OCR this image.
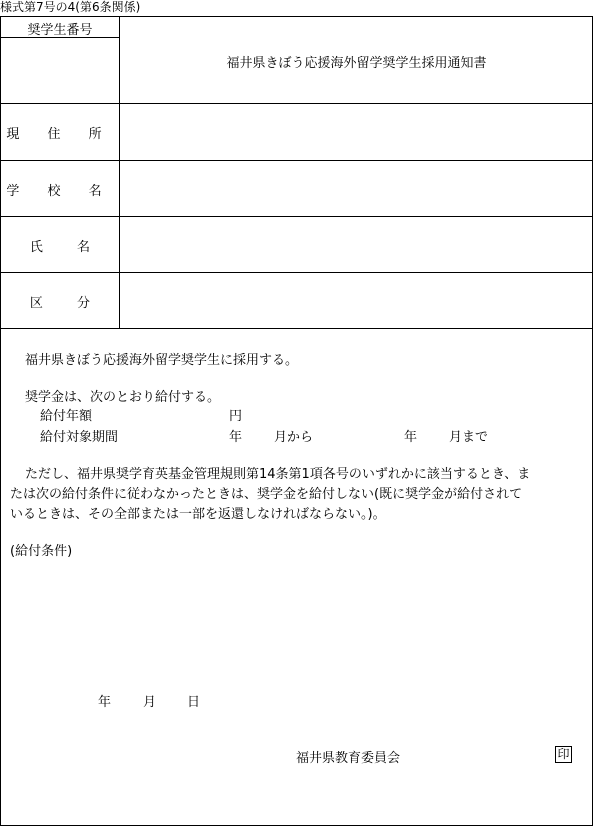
様式第7号の4(第6条関係)
奨学生番号
福井県きぼう応援海外留学奨学生採用通知書
現 住 所
学 校 名
氏 名
区 分
福井県きぼう応援海外留学奨学生に採用する。
奨学金は、次のとおり給付する。
給付年額	円
給付対象期間	年 月から	年 月まで
ただし、福井県奨学育英基金管理規則第14条第1項各号のいずれかに該当するとき、ま
たは次の給付条件に従わなかったときは、奨学金を給付しない(既に奨学金が給付されて
いるときは、その全部または一部を返還しなければならない。)。
(給付条件)
年 月 日
福井県教育委員会	印
